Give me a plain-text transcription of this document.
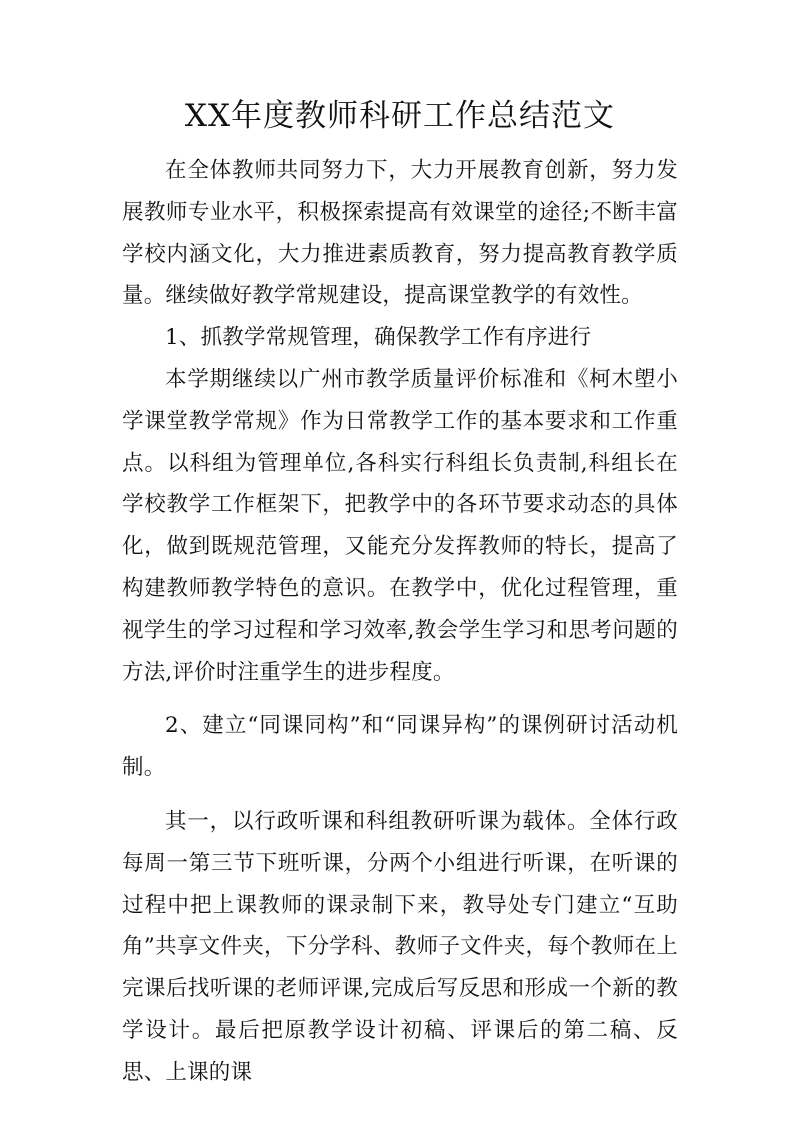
XX年度教师科研工作总结范文

在全体教师共同努力下，大力开展教育创新，努力发展教师专业水平，积极探索提高有效课堂的途径;不断丰富学校内涵文化，大力推进素质教育，努力提高教育教学质量。继续做好教学常规建设，提高课堂教学的有效性。

1、抓教学常规管理，确保教学工作有序进行

本学期继续以广州市教学质量评价标准和《柯木塱小学课堂教学常规》作为日常教学工作的基本要求和工作重点。以科组为管理单位,各科实行科组长负责制,科组长在学校教学工作框架下，把教学中的各环节要求动态的具体化，做到既规范管理，又能充分发挥教师的特长，提高了构建教师教学特色的意识。在教学中，优化过程管理，重视学生的学习过程和学习效率,教会学生学习和思考问题的方法,评价时注重学生的进步程度。

2、建立“同课同构”和“同课异构”的课例研讨活动机制。

其一，以行政听课和科组教研听课为载体。全体行政每周一第三节下班听课，分两个小组进行听课，在听课的过程中把上课教师的课录制下来，教导处专门建立“互助角”共享文件夹，下分学科、教师子文件夹，每个教师在上完课后找听课的老师评课,完成后写反思和形成一个新的教学设计。最后把原教学设计初稿、评课后的第二稿、反思、上课的课
